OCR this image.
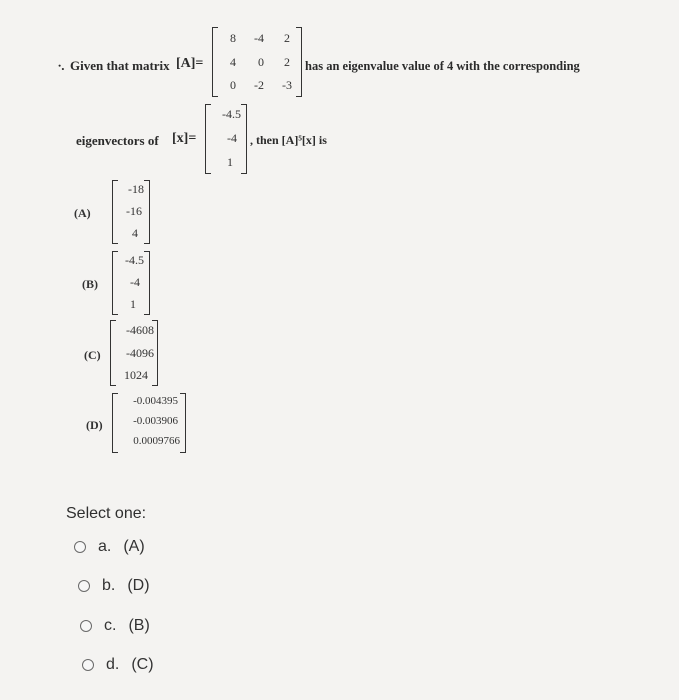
∙. Given that matrix [A]=
8	-4	2
4	0	2
0	-2	-3
has an eigenvalue value of 4 with the corresponding
eigenvectors of [x]=
-4.5
-4
1
, then [A]⁵[x] is
(A)
-18
-16
4
(B)
-4.5
-4
1
(C)
-4608
-4096
1024
(D)
-0.004395
-0.003906
0.0009766
Select one:
a. (A)
b. (D)
c. (B)
d. (C)
